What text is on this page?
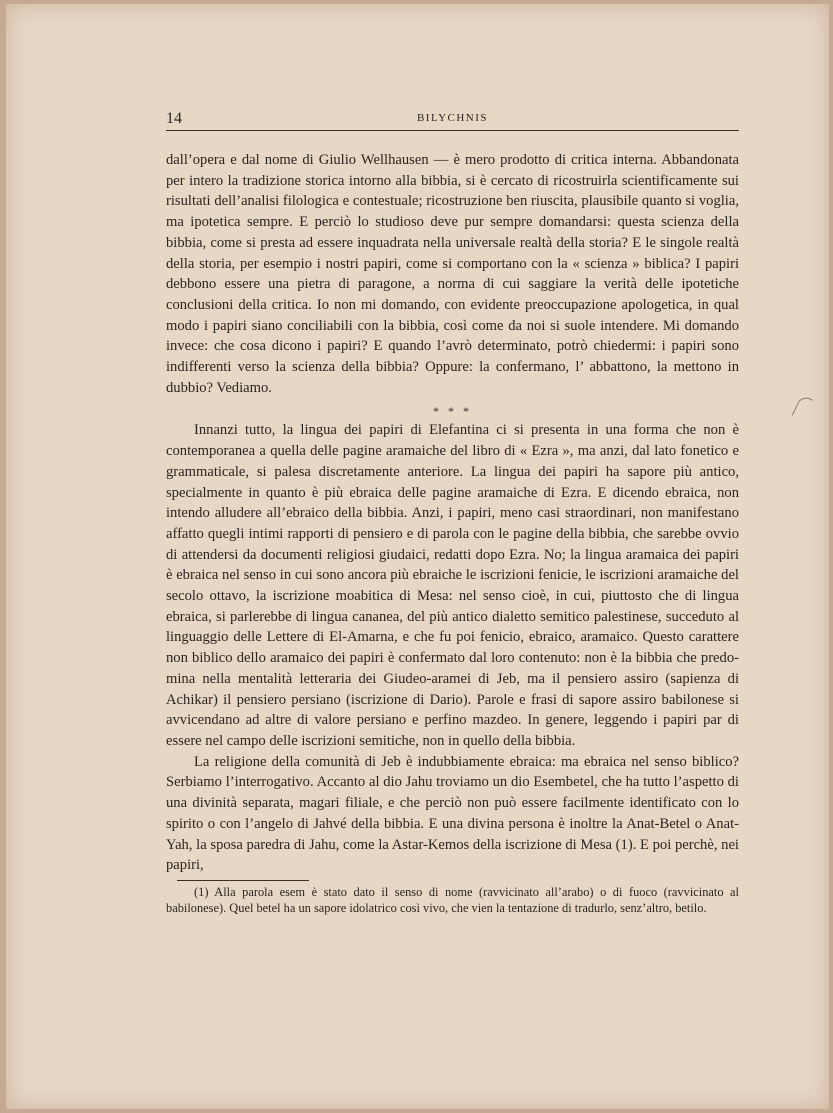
14	BILYCHNIS

dall’opera e dal nome di Giulio Wellhausen — è mero prodotto di critica interna. Abbandonata per intero la tradizione storica intorno alla bibbia, si è cercato di ricostruirla scientificamente sui risultati dell’analisi filologica e contestuale; ricostruzione ben riuscita, plausibile quanto si voglia, ma ipotetica sempre. E perciò lo studioso deve pur sempre domandarsi: questa scienza della bibbia, come si presta ad essere inquadrata nella universale realtà della storia? E le singole realtà della storia, per esempio i nostri papiri, come si comportano con la « scienza » biblica? I papiri debbono essere una pietra di paragone, a norma di cui saggiare la verità delle ipotetiche conclusioni della critica. Io non mi domando, con evidente preoccupazione apologetica, in qual modo i papiri siano conciliabili con la bibbia, così come da noi si suole intendere. Mi domando invece: che cosa dicono i papiri? E quando l’avrò determinato, potrò chiedermi: i papiri sono indifferenti verso la scienza della bibbia? Oppure: la confermano, l’ abbattono, la mettono in dubbio? Vediamo.

* * *

Innanzi tutto, la lingua dei papiri di Elefantina ci si presenta in una forma che non è contemporanea a quella delle pagine aramaiche del libro di « Ezra », ma anzi, dal lato fonetico e grammaticale, si palesa discretamente anteriore. La lingua dei papiri ha sapore più antico, specialmente in quanto è più ebraica delle pagine aramaiche di Ezra. E dicendo ebraica, non intendo alludere all’ebraico della bibbia. Anzi, i papiri, meno casi straordinari, non manifestano affatto quegli intimi rapporti di pensiero e di parola con le pagine della bibbia, che sarebbe ovvio di attendersi da documenti religiosi giudaici, redatti dopo Ezra. No; la lingua aramaica dei papiri è ebraica nel senso in cui sono ancora più ebraiche le iscrizioni fenicie, le iscrizioni aramaiche del secolo ottavo, la iscrizione moabitica di Mesa: nel senso cioè, in cui, piuttosto che di lingua ebraica, si parlerebbe di lingua cananea, del più antico dialetto semitico palestinese, succeduto al linguaggio delle Lettere di El-Amarna, e che fu poi fenicio, ebraico, aramaico. Questo carattere non biblico dello aramaico dei papiri è confermato dal loro contenuto: non è la bibbia che predomina nella mentalità letteraria dei Giudeo-aramei di Jeb, ma il pensiero assiro (sapienza di Achikar) il pensiero persiano (iscrizione di Dario). Parole e frasi di sapore assiro babilonese si avvicendano ad altre di valore persiano e perfino mazdeo. In genere, leggendo i papiri par di essere nel campo delle iscrizioni semitiche, non in quello della bibbia.

La religione della comunità di Jeb è indubbiamente ebraica: ma ebraica nel senso biblico? Serbiamo l’interrogativo. Accanto al dio Jahu troviamo un dio Esembetel, che ha tutto l’aspetto di una divinità separata, magari filiale, e che perciò non può essere facilmente identificato con lo spirito o con l’angelo di Jahvé della bibbia. E una divina persona è inoltre la Anat-Betel o Anat-Yah, la sposa paredra di Jahu, come la Astar-Kemos della iscrizione di Mesa (1). E poi perchè, nei papiri,

(1) Alla parola esem è stato dato il senso di nome (ravvicinato all’arabo) o di fuoco (ravvicinato al babilonese). Quel betel ha un sapore idolatrico così vivo, che vien la tentazione di tradurlo, senz’altro, betilo.
